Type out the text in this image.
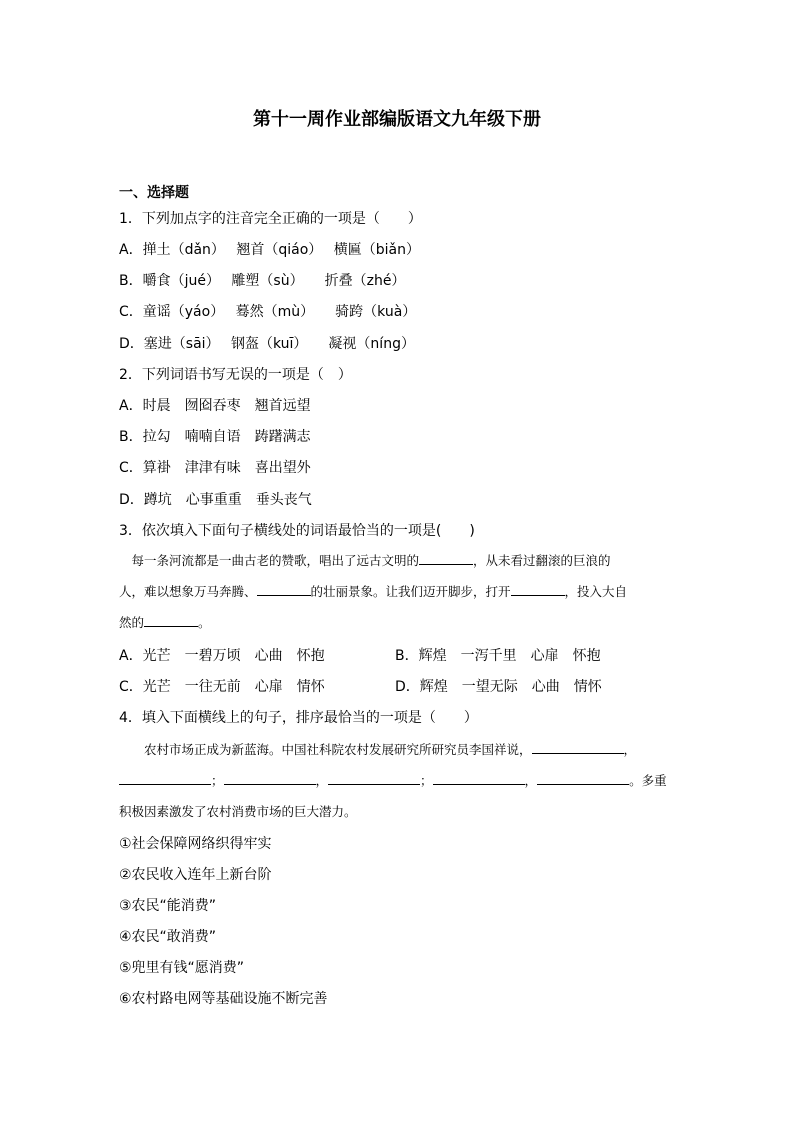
第十一周作业部编版语文九年级下册
一、选择题
1．下列加点字的注音完全正确的一项是（　　）
A．掸土（dǎn）　 翘首（qiáo）　 横匾（biǎn）
B．嚼食（jué）　 雕塑（sù）　　折叠（zhé）
C．童谣（yáo）　 蓦然（mù）　　骑跨（kuà）
D．塞进（sāi）　 钢盔（kuī）　　凝视（níng）
2．下列词语书写无误的一项是（　）
A．时晨　囫囵吞枣　翘首远望
B．拉勾　喃喃自语　踌躇满志
C．算褂　津津有味　喜出望外
D．蹲坑　心事重重　垂头丧气
3．依次填入下面句子横线处的词语最恰当的一项是(　　)
　每一条河流都是一曲古老的赞歌，唱出了远古文明的	，从未看过翻滚的巨浪的
人，难以想象万马奔腾、	的壮丽景象。让我们迈开脚步，打开	，投入大自
然的	。
A．光芒　一碧万顷　心曲　怀抱	B．辉煌　一泻千里　心扉　怀抱
C．光芒　一往无前　心扉　情怀	D．辉煌　一望无际　心曲　情怀
4．填入下面横线上的句子，排序最恰当的一项是（　　）
　　农村市场正成为新蓝海。中国社科院农村发展研究所研究员李国祥说，	，
；	，	；	，	。多重
积极因素激发了农村消费市场的巨大潜力。
①社会保障网络织得牢实
②农民收入连年上新台阶
③农民“能消费”
④农民“敢消费”
⑤兜里有钱“愿消费”
⑥农村路电网等基础设施不断完善
